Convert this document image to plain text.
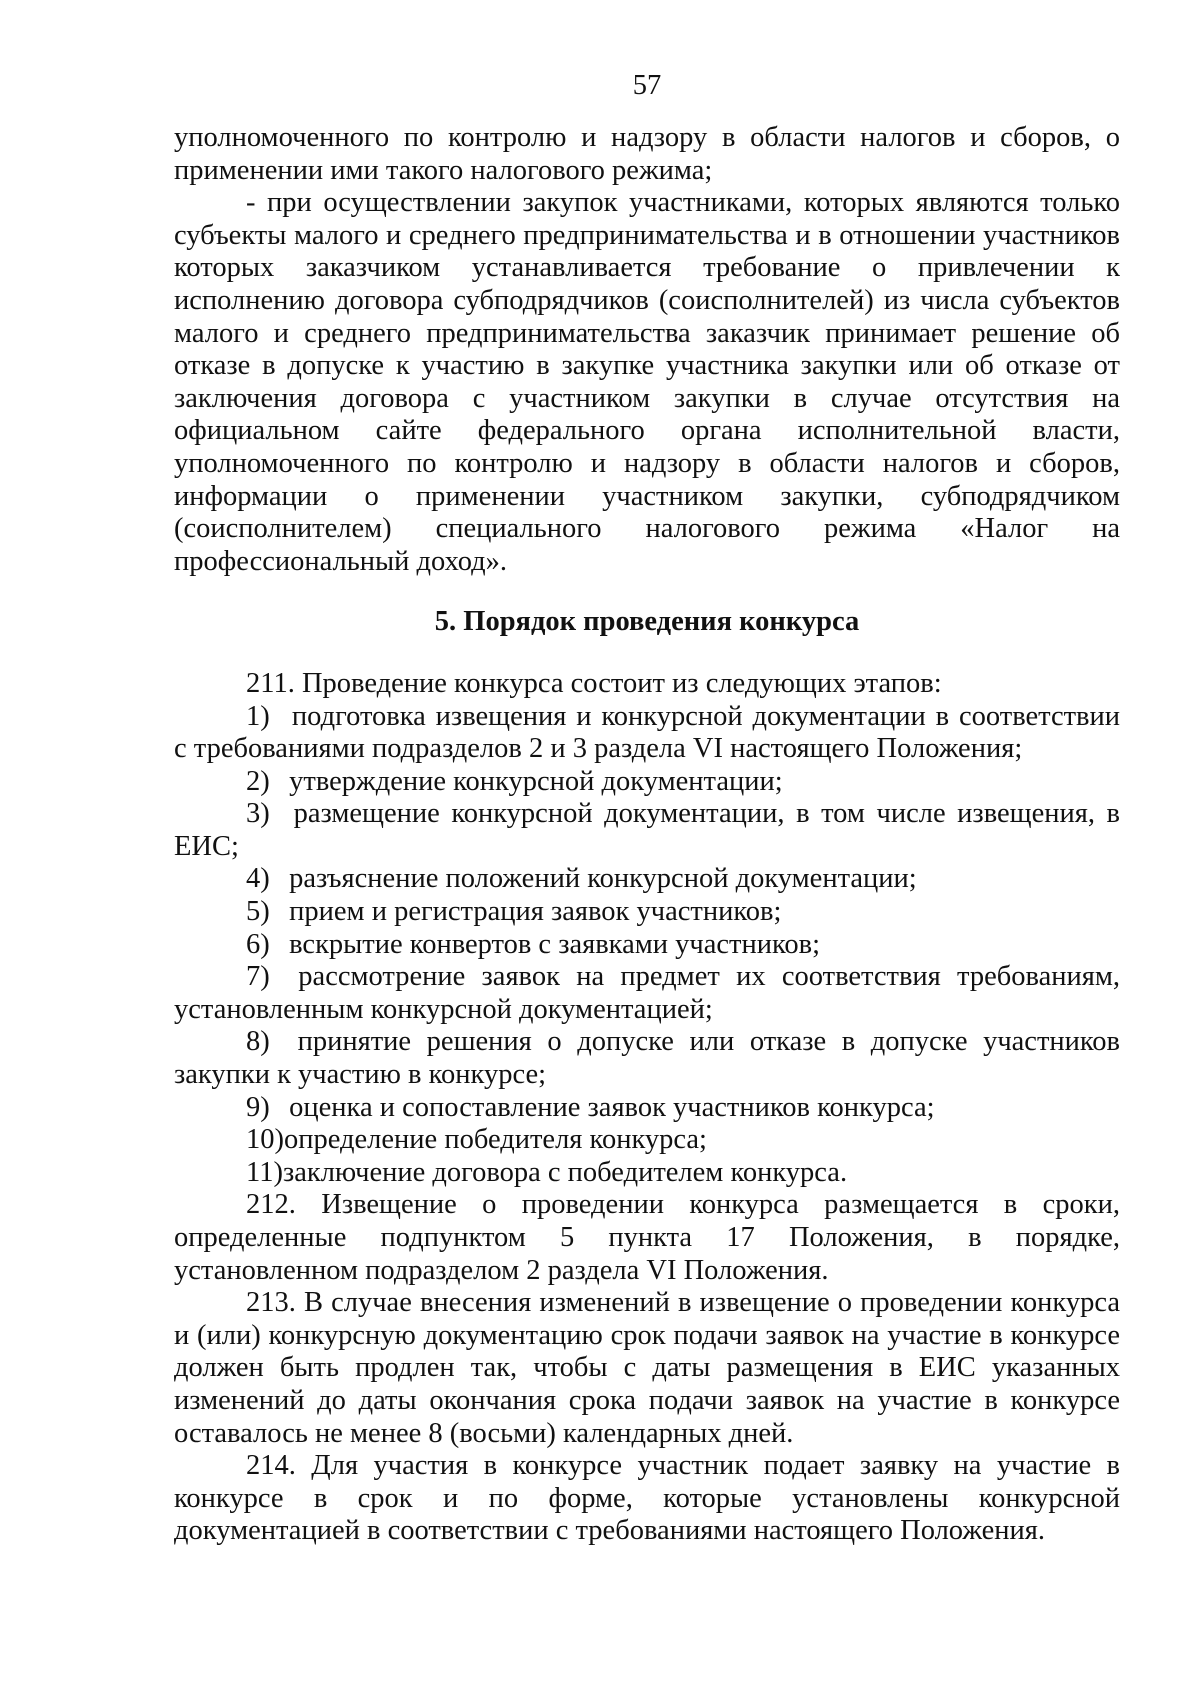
57

уполномоченного по контролю и надзору в области налогов и сборов, о применении ими такого налогового режима;

- при осуществлении закупок участниками, которых являются только субъекты малого и среднего предпринимательства и в отношении участников которых заказчиком устанавливается требование о привлечении к исполнению договора субподрядчиков (соисполнителей) из числа субъектов малого и среднего предпринимательства заказчик принимает решение об отказе в допуске к участию в закупке участника закупки или об отказе от заключения договора с участником закупки в случае отсутствия на официальном сайте федерального органа исполнительной власти, уполномоченного по контролю и надзору в области налогов и сборов, информации о применении участником закупки, субподрядчиком (соисполнителем) специального налогового режима «Налог на профессиональный доход».

5. Порядок проведения конкурса

211. Проведение конкурса состоит из следующих этапов:

1) подготовка извещения и конкурсной документации в соответствии с требованиями подразделов 2 и 3 раздела VI настоящего Положения;

2) утверждение конкурсной документации;

3) размещение конкурсной документации, в том числе извещения, в ЕИС;

4) разъяснение положений конкурсной документации;

5) прием и регистрация заявок участников;

6) вскрытие конвертов с заявками участников;

7) рассмотрение заявок на предмет их соответствия требованиям, установленным конкурсной документацией;

8) принятие решения о допуске или отказе в допуске участников закупки к участию в конкурсе;

9) оценка и сопоставление заявок участников конкурса;

10)определение победителя конкурса;

11)заключение договора с победителем конкурса.

212. Извещение о проведении конкурса размещается в сроки, определенные подпунктом 5 пункта 17 Положения, в порядке, установленном подразделом 2 раздела VI Положения.

213. В случае внесения изменений в извещение о проведении конкурса и (или) конкурсную документацию срок подачи заявок на участие в конкурсе должен быть продлен так, чтобы с даты размещения в ЕИС указанных изменений до даты окончания срока подачи заявок на участие в конкурсе оставалось не менее 8 (восьми) календарных дней.

214. Для участия в конкурсе участник подает заявку на участие в конкурсе в срок и по форме, которые установлены конкурсной документацией в соответствии с требованиями настоящего Положения.
